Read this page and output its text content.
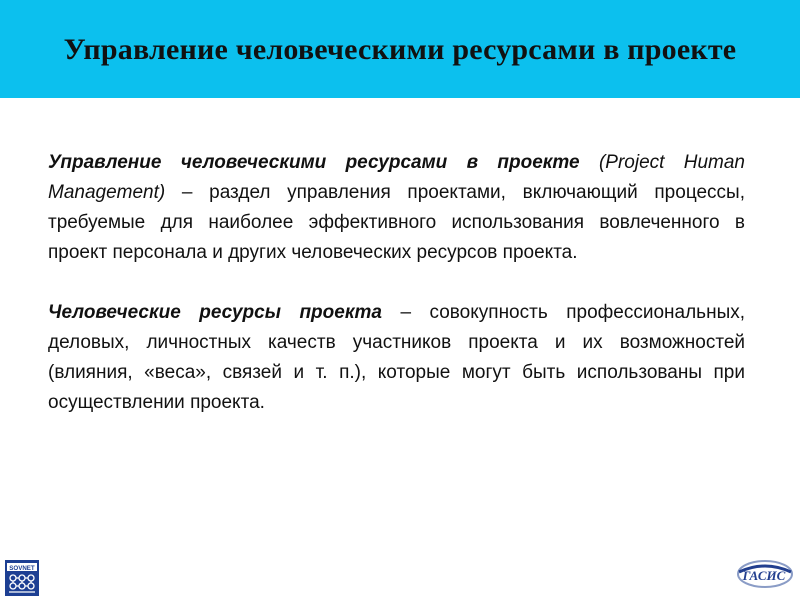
Управление человеческими ресурсами в проекте

Управление человеческими ресурсами в проекте (Project Human Management) – раздел управления проектами, включающий процессы, требуемые для наиболее эффективного использования вовлеченного в проект персонала и других человеческих ресурсов проекта.

Человеческие ресурсы проекта – совокупность профессиональных, деловых, личностных качеств участников проекта и их возможностей (влияния, «веса», связей и т. п.), которые могут быть использованы при осуществлении проекта.

SOVNET	ГАСИС
